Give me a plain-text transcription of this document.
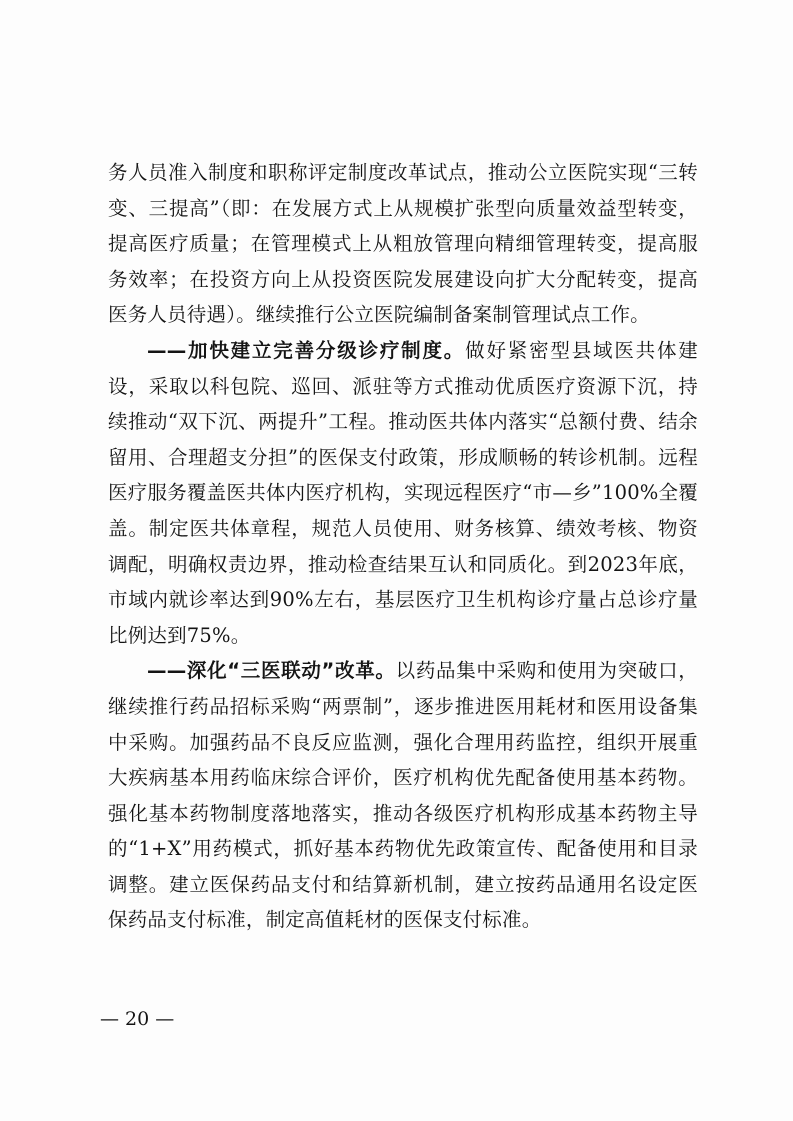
务人员准入制度和职称评定制度改革试点，推动公立医院实现“三转变、三提高”（即：在发展方式上从规模扩张型向质量效益型转变，提高医疗质量；在管理模式上从粗放管理向精细管理转变，提高服务效率；在投资方向上从投资医院发展建设向扩大分配转变，提高医务人员待遇）。继续推行公立医院编制备案制管理试点工作。

——加快建立完善分级诊疗制度。做好紧密型县域医共体建设，采取以科包院、巡回、派驻等方式推动优质医疗资源下沉，持续推动“双下沉、两提升”工程。推动医共体内落实“总额付费、结余留用、合理超支分担”的医保支付政策，形成顺畅的转诊机制。远程医疗服务覆盖医共体内医疗机构，实现远程医疗“市—乡”100%全覆盖。制定医共体章程，规范人员使用、财务核算、绩效考核、物资调配，明确权责边界，推动检查结果互认和同质化。到2023年底，市域内就诊率达到90%左右，基层医疗卫生机构诊疗量占总诊疗量比例达到75%。

——深化“三医联动”改革。以药品集中采购和使用为突破口，继续推行药品招标采购“两票制”，逐步推进医用耗材和医用设备集中采购。加强药品不良反应监测，强化合理用药监控，组织开展重大疾病基本用药临床综合评价，医疗机构优先配备使用基本药物。强化基本药物制度落地落实，推动各级医疗机构形成基本药物主导的“1+X”用药模式，抓好基本药物优先政策宣传、配备使用和目录调整。建立医保药品支付和结算新机制，建立按药品通用名设定医保药品支付标准，制定高值耗材的医保支付标准。

— 20 —
